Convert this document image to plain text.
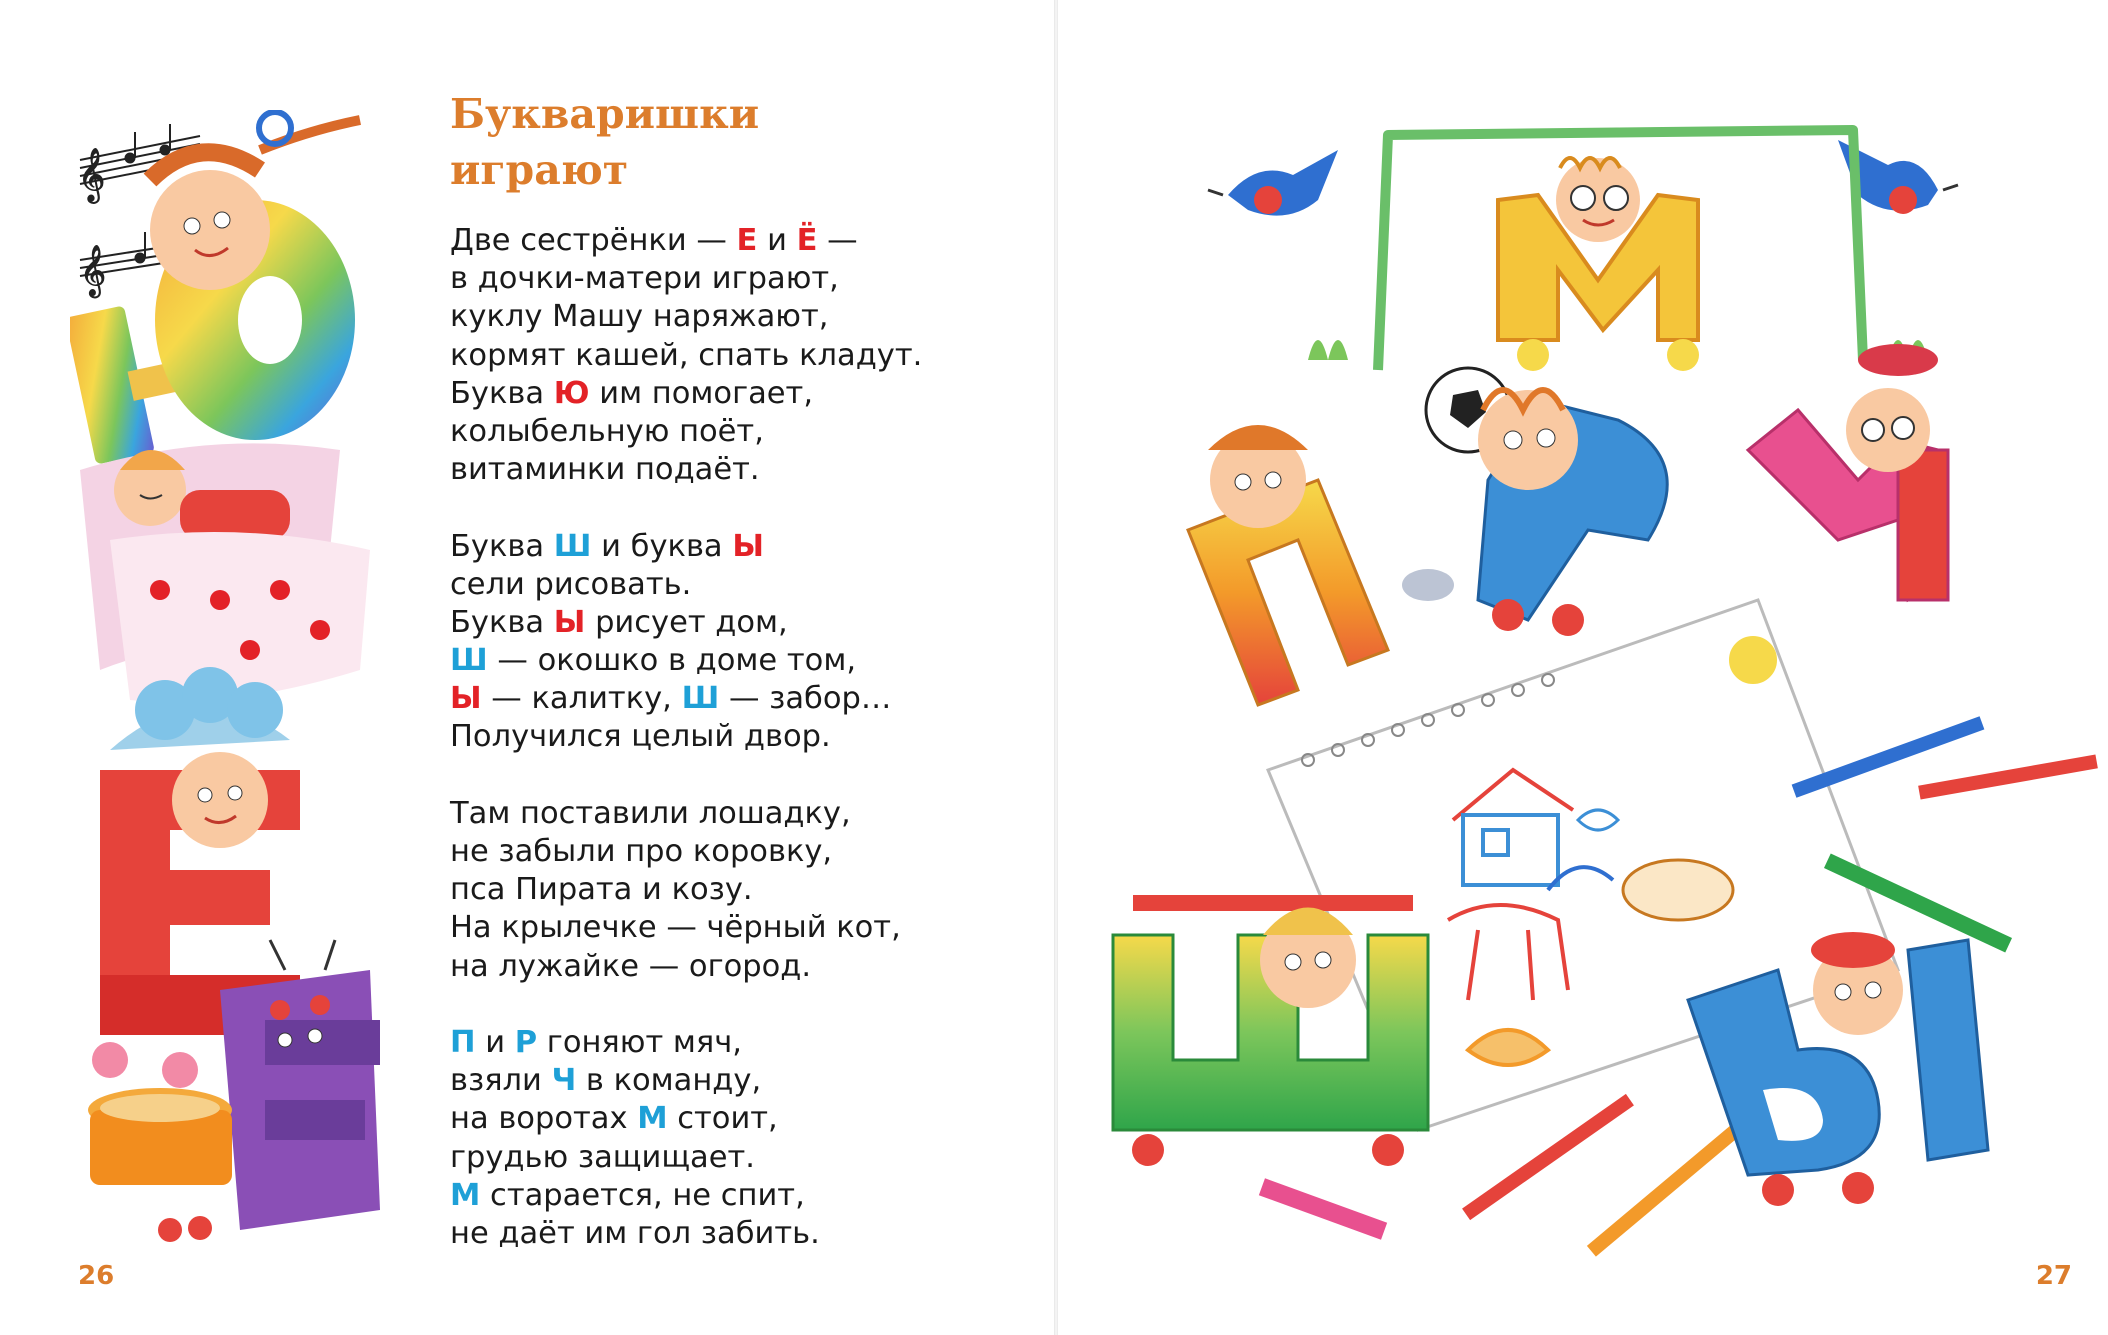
𝄞
𝄞
Букваришки
играют
Две сестрёнки — Е и Ё —
в дочки-матери играют,
куклу Машу наряжают,
кормят кашей, спать кладут.
Буква Ю им помогает,
колыбельную поёт,
витаминки подаёт.
Буква Ш и буква Ы
сели рисовать.
Буква Ы рисует дом,
Ш — окошко в доме том,
Ы — калитку, Ш — забор…
Получился целый двор.
Там поставили лошадку,
не забыли про коровку,
пса Пирата и козу.
На крылечке — чёрный кот,
на лужайке — огород.
П и Р гоняют мяч,
взяли Ч в команду,
на воротах М стоит,
грудью защищает.
М старается, не спит,
не даёт им гол забить.
26	27
